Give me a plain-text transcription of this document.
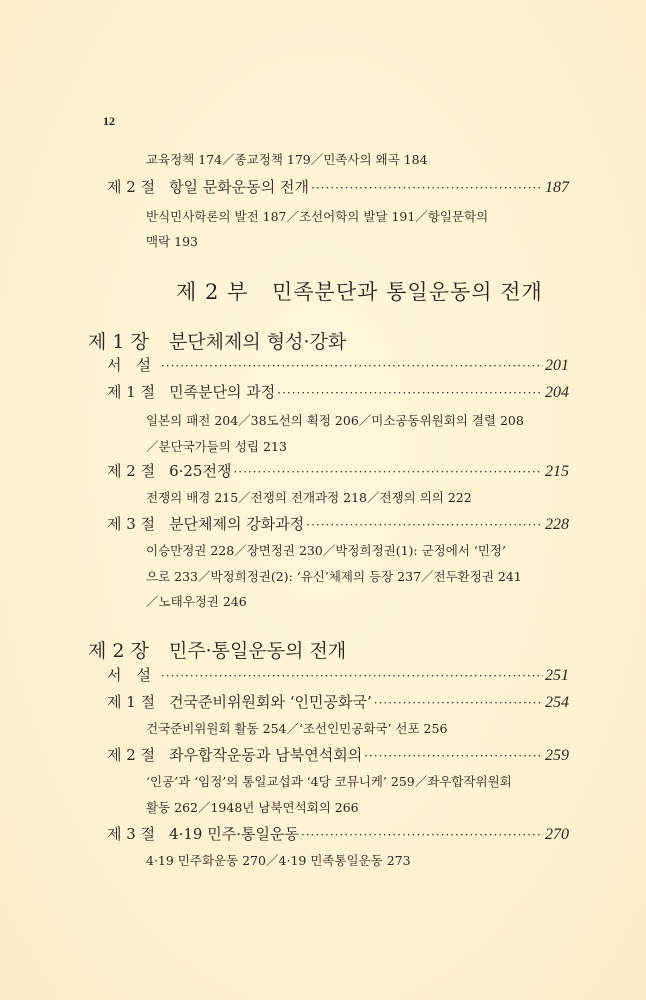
12
교육정책 174／종교정책 179／민족사의 왜곡 184
제 2 절 항일 문화운동의 전개 ·····	187
반식민사학론의 발전 187／조선어학의 발달 191／항일문학의
맥락 193
제 2 부 민족분단과 통일운동의 전개
제 1 장 분단체제의 형성·강화
서　설 ·····	201
제 1 절 민족분단의 과정 ·····	204
일본의 패전 204／38도선의 획정 206／미소공동위원회의 결렬 208
／분단국가들의 성립 213
제 2 절 6·25전쟁 ·····	215
전쟁의 배경 215／전쟁의 전개과정 218／전쟁의 의의 222
제 3 절 분단체제의 강화과정 ·····	228
이승만정권 228／장면정권 230／박정희정권(1): 군정에서 ‘민정’
으로 233／박정희정권(2): ‘유신’체제의 등장 237／전두환정권 241
／노태우정권 246
제 2 장 민주·통일운동의 전개
서　설 ·····	251
제 1 절 건국준비위원회와 ‘인민공화국’ ·····	254
건국준비위원회 활동 254／‘조선인민공화국’ 선포 256
제 2 절 좌우합작운동과 남북연석회의 ·····	259
‘인공’과 ‘임정’의 통일교섭과 ‘4당 코뮤니케’ 259／좌우합작위원회
활동 262／1948년 남북연석회의 266
제 3 절 4·19 민주·통일운동 ·····	270
4·19 민주화운동 270／4·19 민족통일운동 273
